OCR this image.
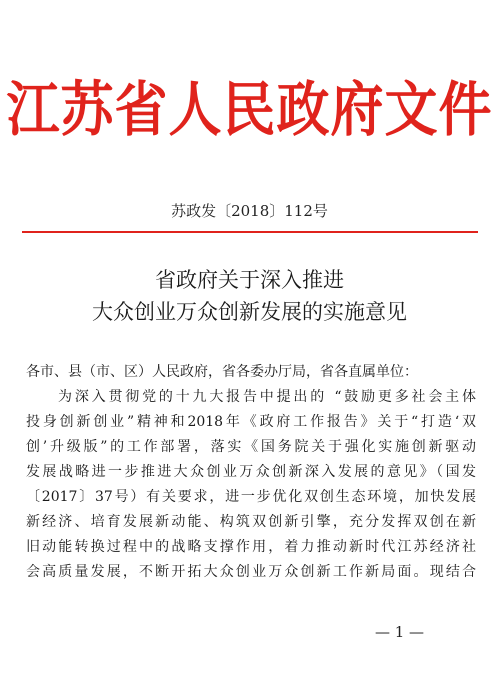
江苏省人民政府文件
苏政发〔2018〕112号
省政府关于深入推进
大众创业万众创新发展的实施意见
各市、县（市、区）人民政府，省各委办厅局，省各直属单位：
为深入贯彻党的十九大报告中提出的 “鼓励更多社会主体
投身创新创业”精神和2018年《政府工作报告》关于“打造‘双
创’升级版”的工作部署，落实《国务院关于强化实施创新驱动
发展战略进一步推进大众创业万众创新深入发展的意见》（国发
〔2017〕37号）有关要求，进一步优化双创生态环境，加快发展
新经济、培育发展新动能、构筑双创新引擎，充分发挥双创在新
旧动能转换过程中的战略支撑作用，着力推动新时代江苏经济社
会高质量发展，不断开拓大众创业万众创新工作新局面。现结合
— 1 —
